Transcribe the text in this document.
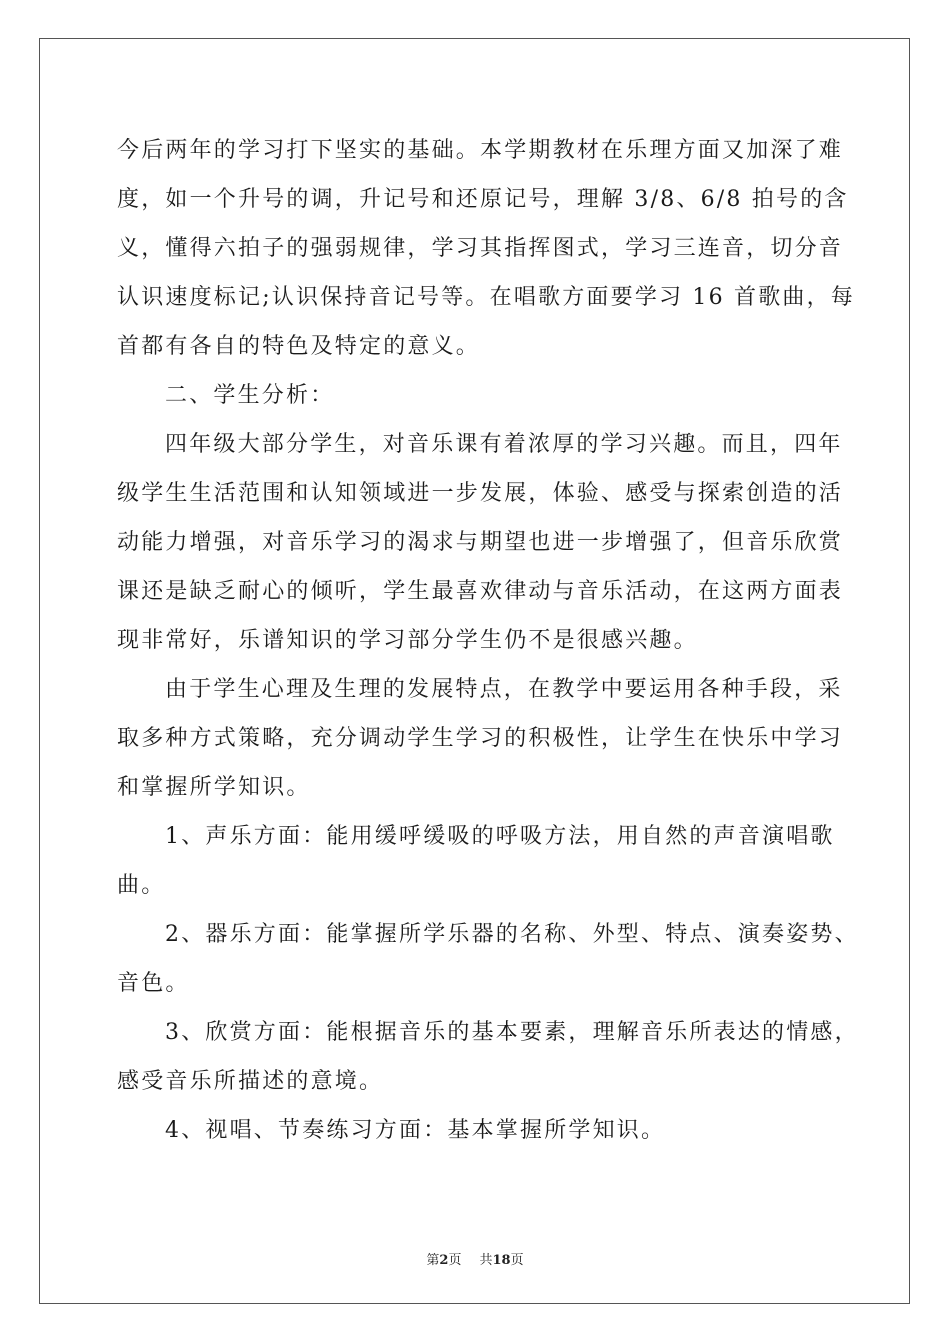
今后两年的学习打下坚实的基础。本学期教材在乐理方面又加深了难
度，如一个升号的调，升记号和还原记号，理解 3/8、6/8 拍号的含
义，懂得六拍子的强弱规律，学习其指挥图式，学习三连音，切分音
认识速度标记;认识保持音记号等。在唱歌方面要学习 16 首歌曲，每
首都有各自的特色及特定的意义。
二、学生分析：
四年级大部分学生，对音乐课有着浓厚的学习兴趣。而且，四年
级学生生活范围和认知领域进一步发展，体验、感受与探索创造的活
动能力增强，对音乐学习的渴求与期望也进一步增强了，但音乐欣赏
课还是缺乏耐心的倾听，学生最喜欢律动与音乐活动，在这两方面表
现非常好，乐谱知识的学习部分学生仍不是很感兴趣。
由于学生心理及生理的发展特点，在教学中要运用各种手段，采
取多种方式策略，充分调动学生学习的积极性，让学生在快乐中学习
和掌握所学知识。
1、声乐方面：能用缓呼缓吸的呼吸方法，用自然的声音演唱歌
曲。
2、器乐方面：能掌握所学乐器的名称、外型、特点、演奏姿势、
音色。
3、欣赏方面：能根据音乐的基本要素，理解音乐所表达的情感，
感受音乐所描述的意境。
4、视唱、节奏练习方面：基本掌握所学知识。
第2页 共18页
